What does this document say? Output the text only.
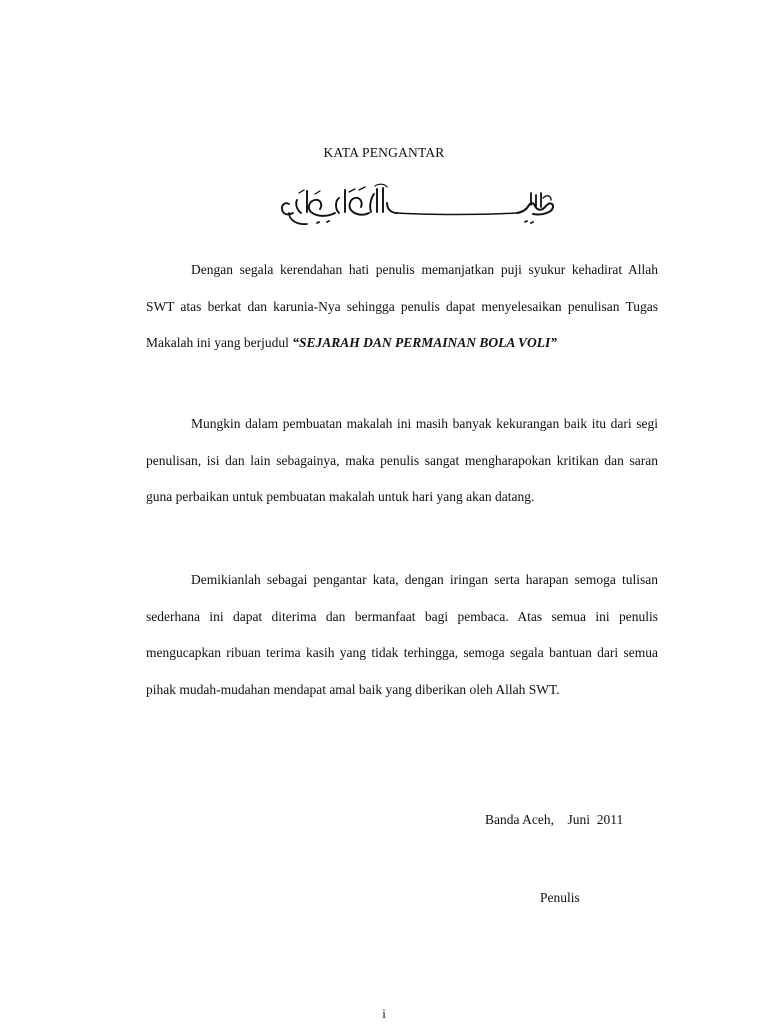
KATA PENGANTAR

Dengan segala kerendahan hati penulis memanjatkan puji syukur kehadirat Allah SWT atas berkat dan karunia-Nya sehingga penulis dapat menyelesaikan penulisan Tugas Makalah ini yang berjudul “SEJARAH DAN PERMAINAN BOLA VOLI”

Mungkin dalam pembuatan makalah ini masih banyak kekurangan baik itu dari segi penulisan, isi dan lain sebagainya, maka penulis sangat mengharapokan kritikan dan saran guna perbaikan untuk pembuatan makalah untuk hari yang akan datang.

Demikianlah sebagai pengantar kata, dengan iringan serta harapan semoga tulisan sederhana ini dapat diterima dan bermanfaat bagi pembaca. Atas semua ini penulis mengucapkan ribuan terima kasih yang tidak terhingga, semoga segala bantuan dari semua pihak mudah-mudahan mendapat amal baik yang diberikan oleh Allah SWT.

Banda Aceh,    Juni  2011
Penulis
i
